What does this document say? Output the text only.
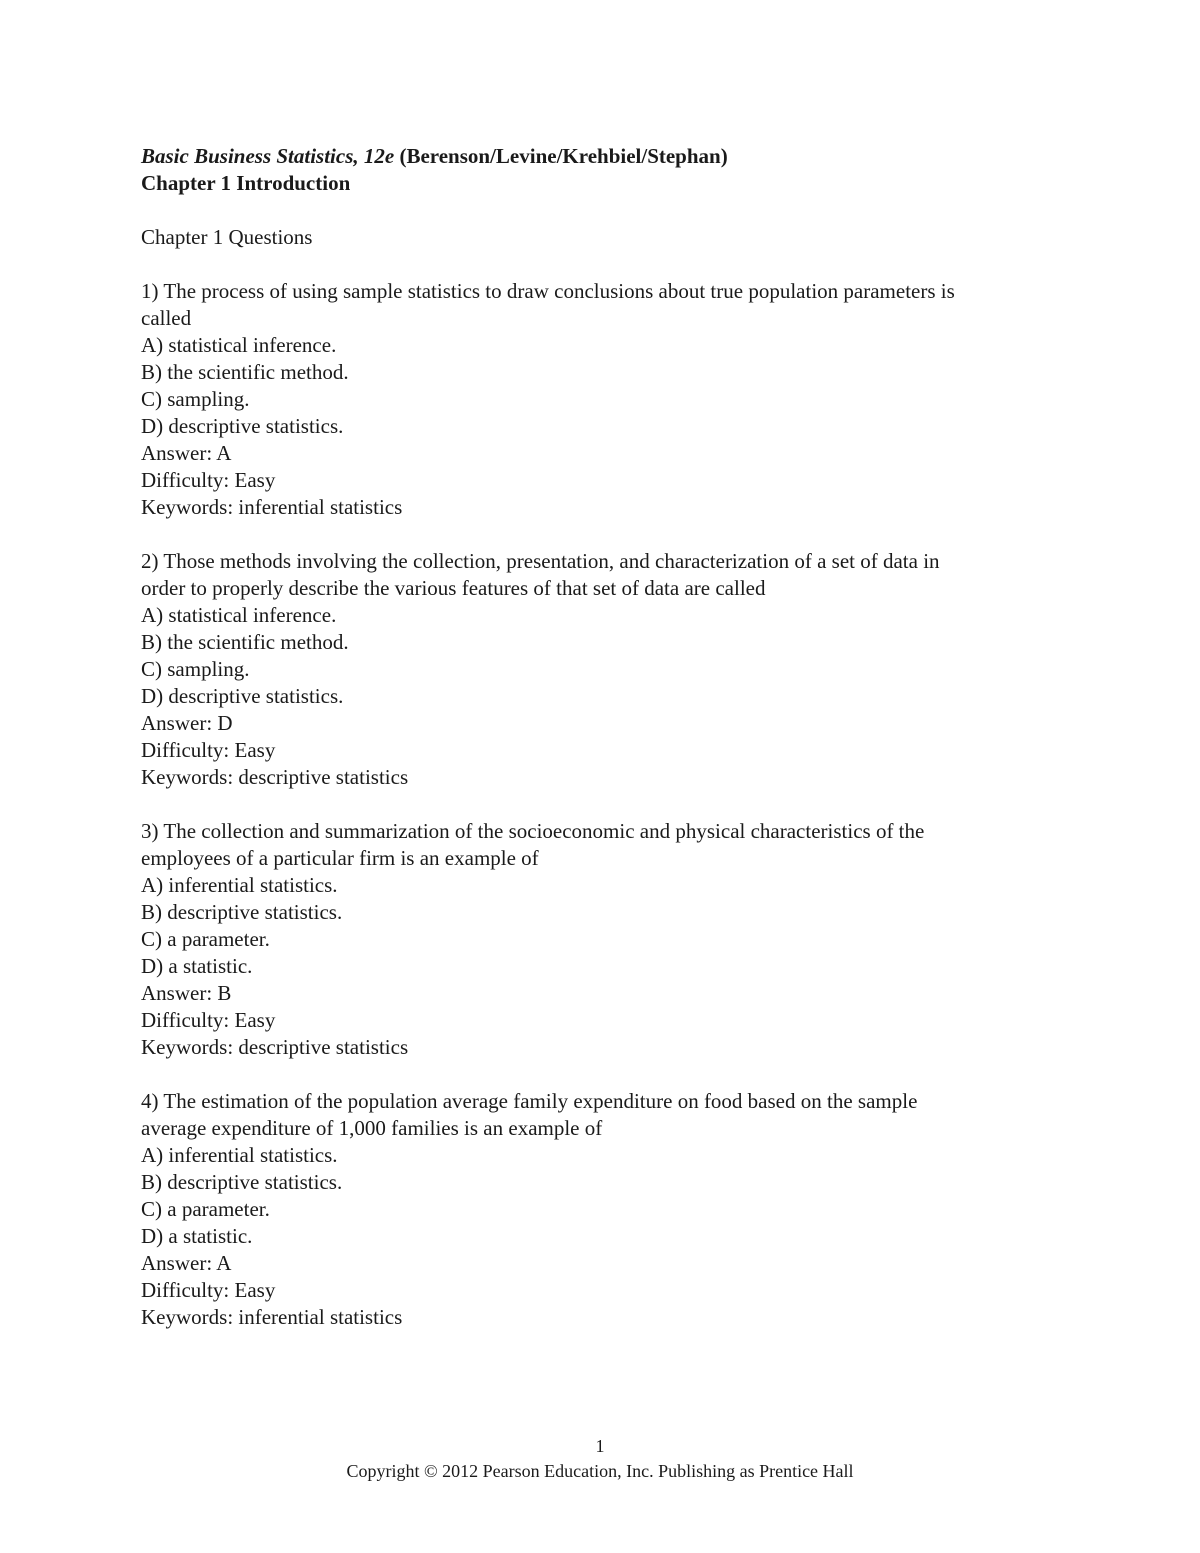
Basic Business Statistics, 12e (Berenson/Levine/Krehbiel/Stephan)
Chapter 1 Introduction
Chapter 1 Questions
1) The process of using sample statistics to draw conclusions about true population parameters is
called
A) statistical inference.
B) the scientific method.
C) sampling.
D) descriptive statistics.
Answer: A
Difficulty: Easy
Keywords: inferential statistics
2) Those methods involving the collection, presentation, and characterization of a set of data in
order to properly describe the various features of that set of data are called
A) statistical inference.
B) the scientific method.
C) sampling.
D) descriptive statistics.
Answer: D
Difficulty: Easy
Keywords: descriptive statistics
3) The collection and summarization of the socioeconomic and physical characteristics of the
employees of a particular firm is an example of
A) inferential statistics.
B) descriptive statistics.
C) a parameter.
D) a statistic.
Answer: B
Difficulty: Easy
Keywords: descriptive statistics
4) The estimation of the population average family expenditure on food based on the sample
average expenditure of 1,000 families is an example of
A) inferential statistics.
B) descriptive statistics.
C) a parameter.
D) a statistic.
Answer: A
Difficulty: Easy
Keywords: inferential statistics
1
Copyright © 2012 Pearson Education, Inc. Publishing as Prentice Hall
